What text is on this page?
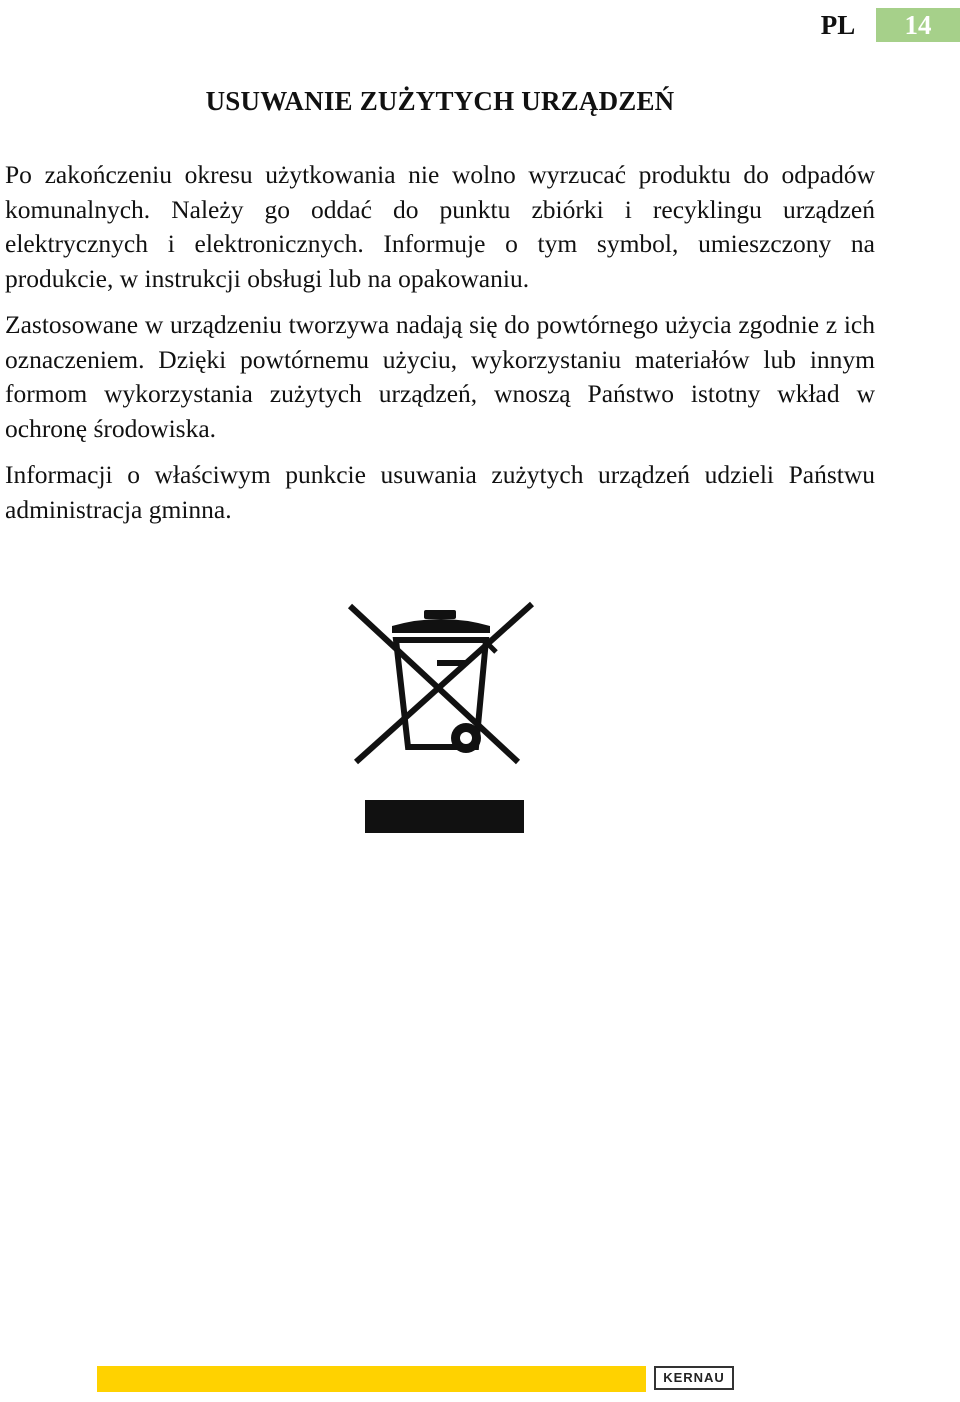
PL	14
USUWANIE ZUŻYTYCH URZĄDZEŃ

Po zakończeniu okresu użytkowania nie wolno wyrzucać produktu do odpadów komunalnych. Należy go oddać do punktu zbiórki i recyklingu urządzeń elektrycznych i elektronicznych. Informuje o tym symbol, umieszczony na produkcie, w instrukcji obsługi lub na opakowaniu.

Zastosowane w urządzeniu tworzywa nadają się do powtórnego użycia zgodnie z ich oznaczeniem. Dzięki powtórnemu użyciu, wykorzystaniu materiałów lub innym formom wykorzystania zużytych urządzeń, wnoszą Państwo istotny wkład w ochronę środowiska.

Informacji o właściwym punkcie usuwania zużytych urządzeń udzieli Państwu administracja gminna.

KERNAU
